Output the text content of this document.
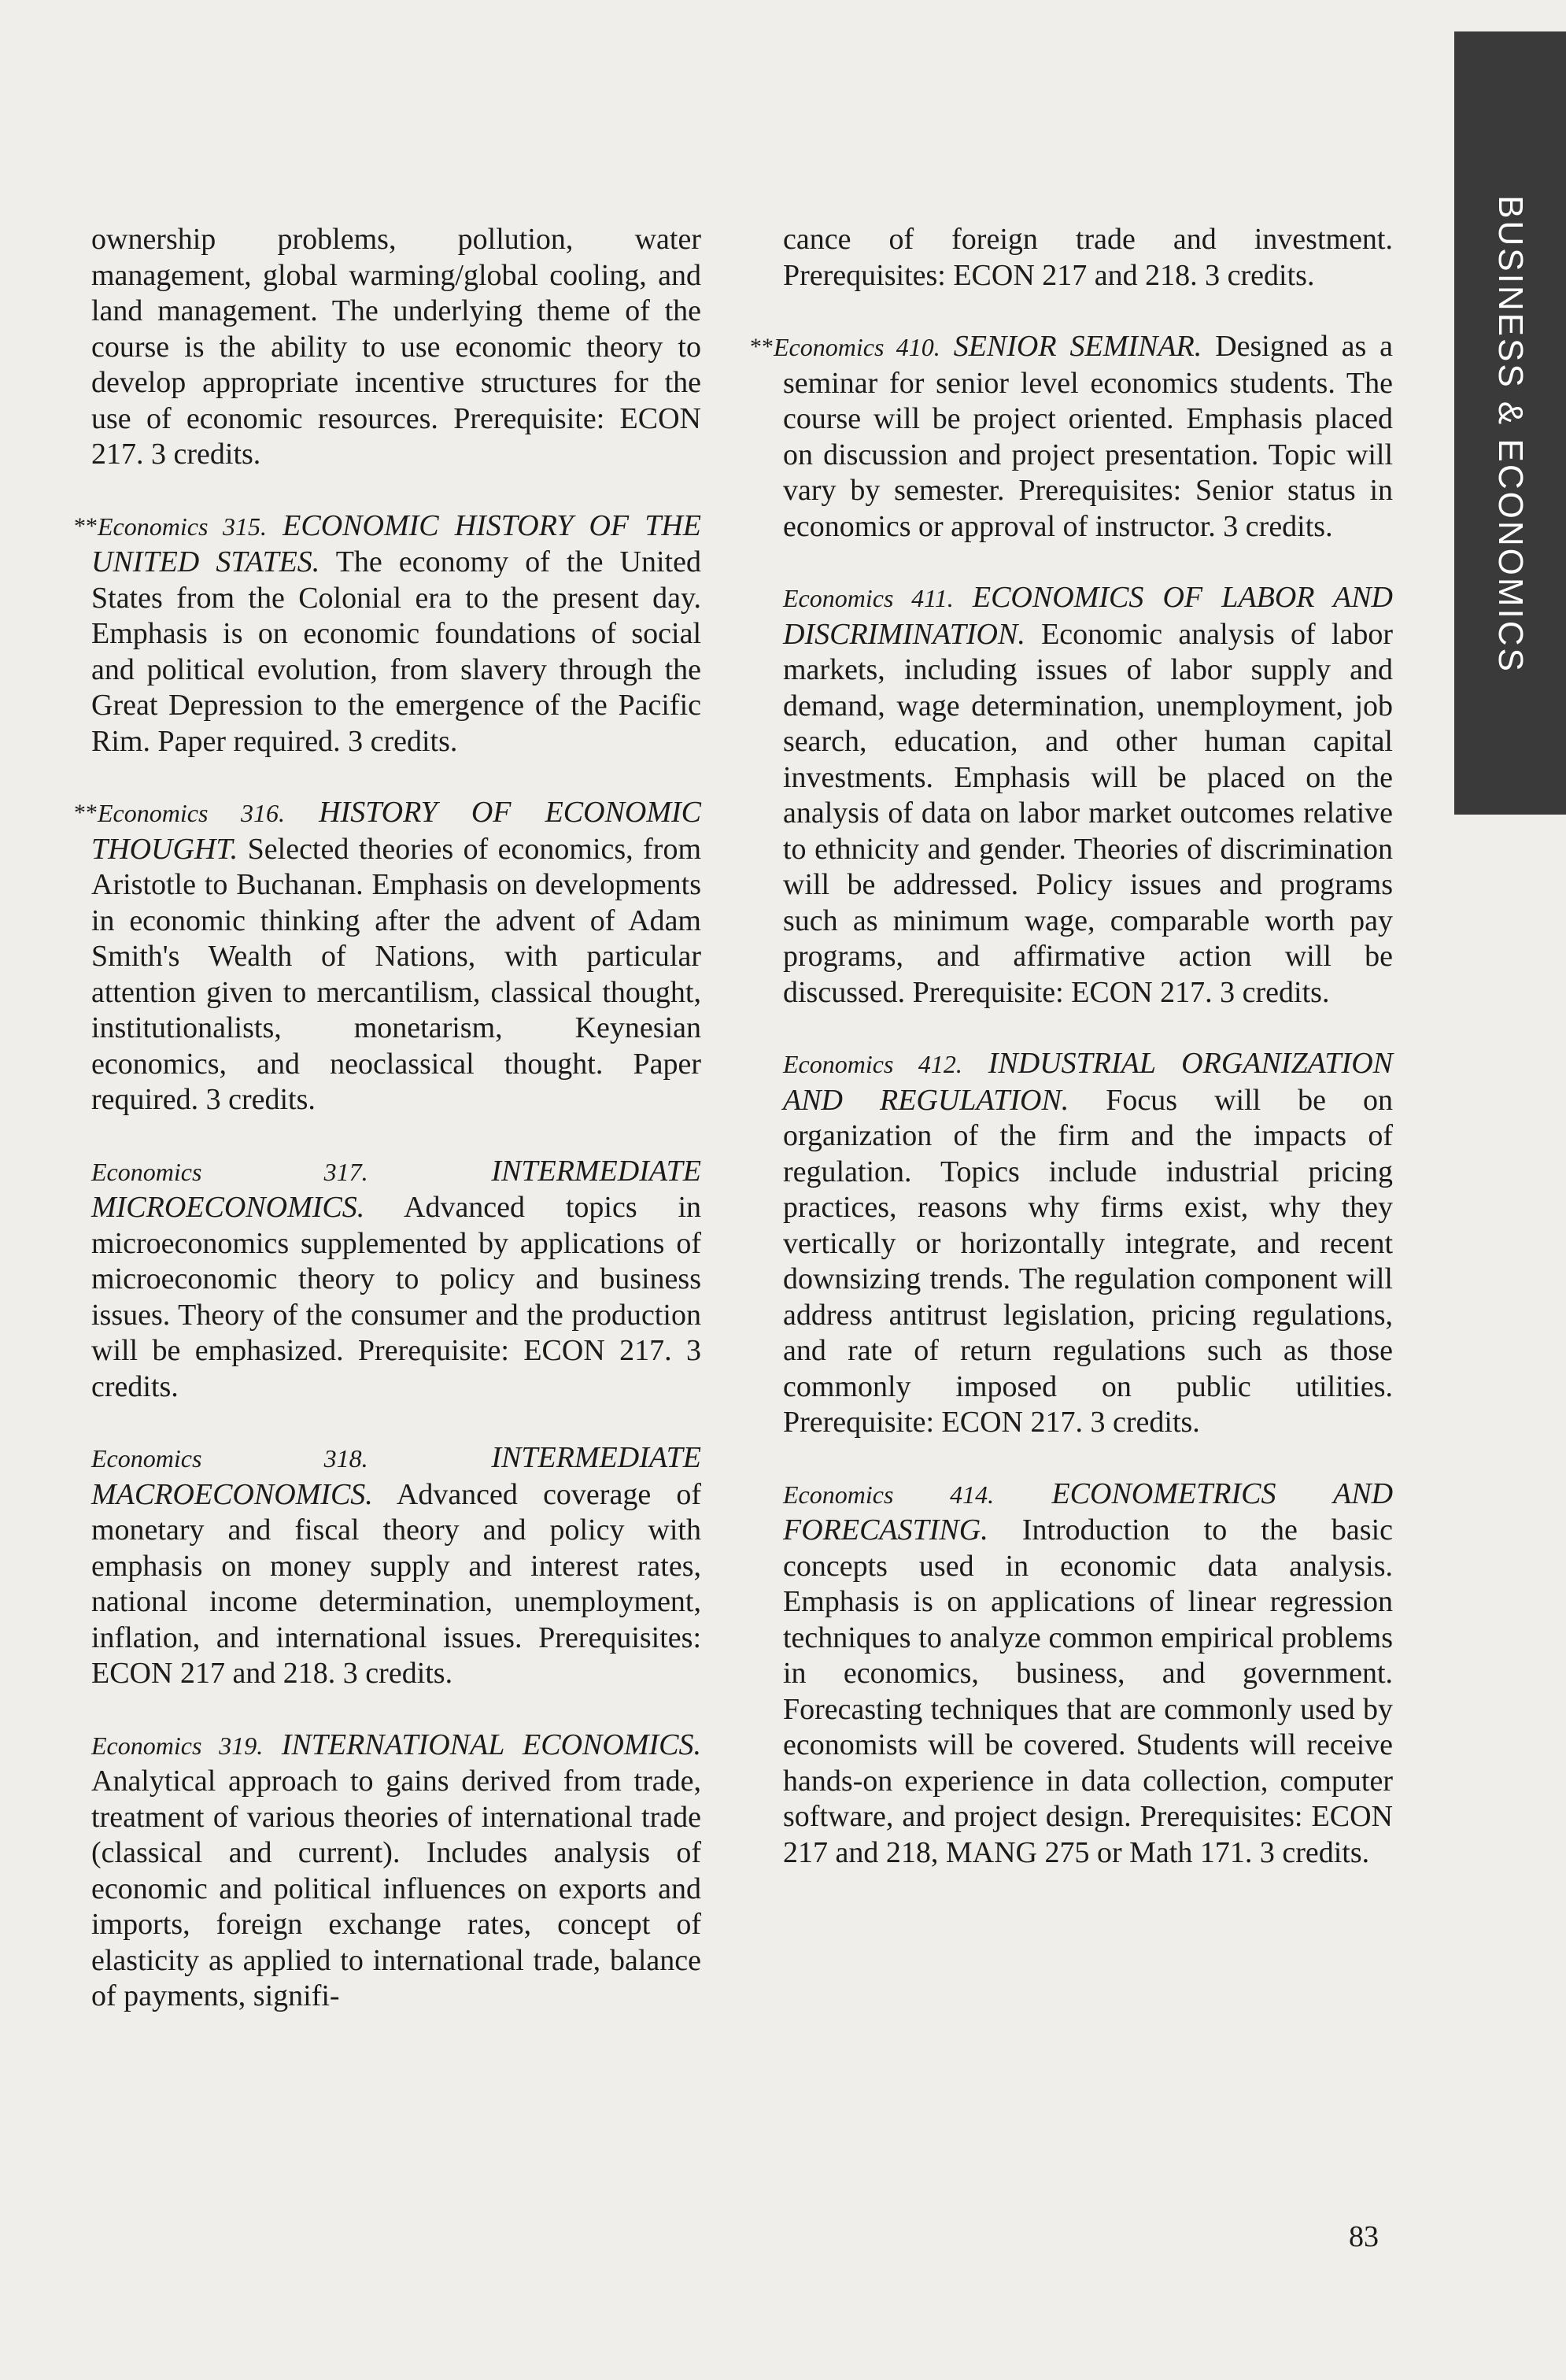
BUSINESS & ECONOMICS

ownership problems, pollution, water management, global warming/global cooling, and land management. The underlying theme of the course is the ability to use economic theory to develop appropriate incentive structures for the use of economic resources. Prerequisite: ECON 217. 3 credits.

**Economics 315. ECONOMIC HISTORY OF THE UNITED STATES. The economy of the United States from the Colonial era to the present day. Emphasis is on economic foundations of social and political evolution, from slavery through the Great Depression to the emergence of the Pacific Rim. Paper required. 3 credits.

**Economics 316. HISTORY OF ECONOMIC THOUGHT. Selected theories of economics, from Aristotle to Buchanan. Emphasis on developments in economic thinking after the advent of Adam Smith's Wealth of Nations, with particular attention given to mercantilism, classical thought, institutionalists, monetarism, Keynesian economics, and neoclassical thought. Paper required. 3 credits.

Economics 317.	INTERMEDIATE MICROECONOMICS. Advanced topics in microeconomics supplemented by applications of microeconomic theory to policy and business issues. Theory of the consumer and the production will be emphasized. Prerequisite: ECON 217. 3 credits.

Economics 318.	INTERMEDIATE MACROECONOMICS. Advanced coverage of monetary and fiscal theory and policy with emphasis on money supply and interest rates, national income determination, unemployment, inflation, and international issues. Prerequisites: ECON 217 and 218. 3 credits.

Economics 319. INTERNATIONAL ECONOMICS. Analytical approach to gains derived from trade, treatment of various theories of international trade (classical and current). Includes analysis of economic and political influences on exports and imports, foreign exchange rates, concept of elasticity as applied to international trade, balance of payments, signifi-

cance of foreign trade and investment. Prerequisites: ECON 217 and 218. 3 credits.

**Economics 410. SENIOR SEMINAR. Designed as a seminar for senior level economics students. The course will be project oriented. Emphasis placed on discussion and project presentation. Topic will vary by semester. Prerequisites: Senior status in economics or approval of instructor. 3 credits.

Economics 411. ECONOMICS OF LABOR AND DISCRIMINATION. Economic analysis of labor markets, including issues of labor supply and demand, wage determination, unemployment, job search, education, and other human capital investments. Emphasis will be placed on the analysis of data on labor market outcomes relative to ethnicity and gender. Theories of discrimination will be addressed. Policy issues and programs such as minimum wage, comparable worth pay programs, and affirmative action will be discussed. Prerequisite: ECON 217. 3 credits.

Economics 412. INDUSTRIAL ORGANIZATION AND REGULATION. Focus will be on organization of the firm and the impacts of regulation. Topics include industrial pricing practices, reasons why firms exist, why they vertically or horizontally integrate, and recent downsizing trends. The regulation component will address antitrust legislation, pricing regulations, and rate of return regulations such as those commonly imposed on public utilities. Prerequisite: ECON 217. 3 credits.

Economics 414. ECONOMETRICS AND FORECASTING. Introduction to the basic concepts used in economic data analysis. Emphasis is on applications of linear regression techniques to analyze common empirical problems in economics, business, and government. Forecasting techniques that are commonly used by economists will be covered. Students will receive hands-on experience in data collection, computer software, and project design. Prerequisites: ECON 217 and 218, MANG 275 or Math 171. 3 credits.

83
